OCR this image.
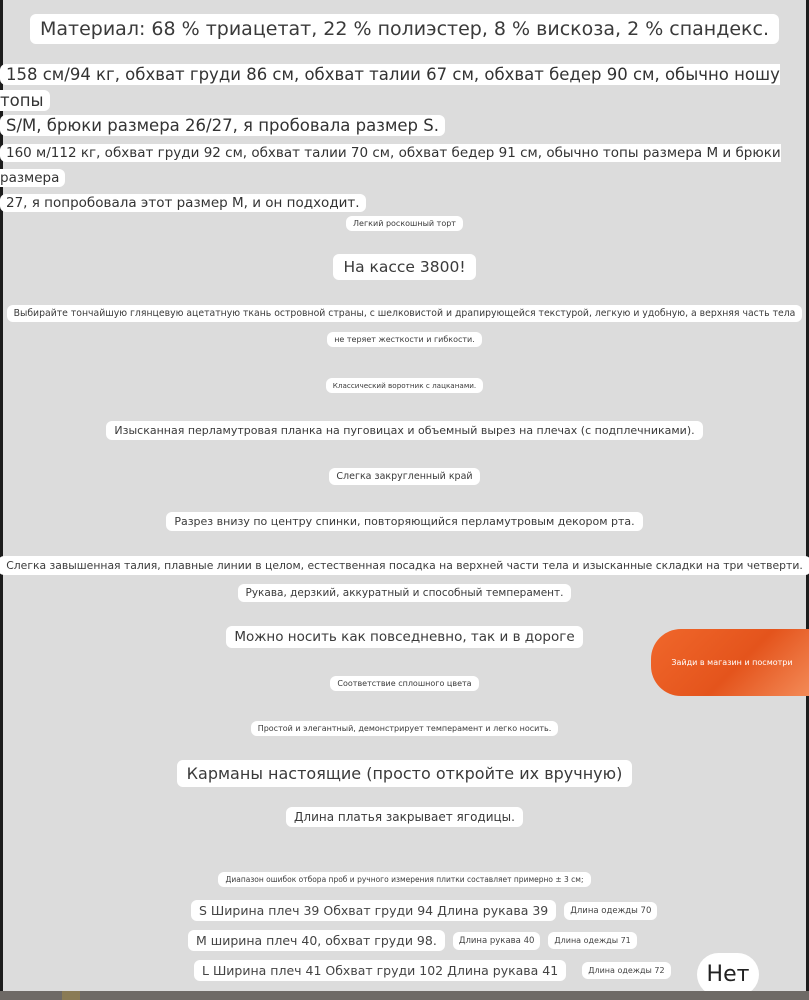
Материал: 68 % триацетат, 22 % полиэстер, 8 % вискоза, 2 % спандекс.
158 см/94 кг, обхват груди 86 см, обхват талии 67 см, обхват бедер 90 см, обычно ношу топы
S/M, брюки размера 26/27, я пробовала размер S.
160 м/112 кг, обхват груди 92 см, обхват талии 70 см, обхват бедер 91 см, обычно топы размера М и брюки размера
27, я попробовала этот размер М, и он подходит.
Легкий роскошный торт
На кассе 3800!
Выбирайте тончайшую глянцевую ацетатную ткань островной страны, с шелковистой и драпирующейся текстурой, легкую и удобную, а верхняя часть тела
не теряет жесткости и гибкости.
Классический воротник с лацканами.
Изысканная перламутровая планка на пуговицах и объемный вырез на плечах (с подплечниками).
Слегка закругленный край
Разрез внизу по центру спинки, повторяющийся перламутровым декором рта.
Слегка завышенная талия, плавные линии в целом, естественная посадка на верхней части тела и изысканные складки на три четверти.
Рукава, дерзкий, аккуратный и способный темперамент.
Можно носить как повседневно, так и в дороге
Соответствие сплошного цвета
Простой и элегантный, демонстрирует темперамент и легко носить.
Карманы настоящие (просто откройте их вручную)
Длина платья закрывает ягодицы.
Диапазон ошибок отбора проб и ручного измерения плитки составляет примерно ± 3 см;
S Ширина плеч 39 Обхват груди 94 Длина рукава 39	Длина одежды 70
М ширина плеч 40, обхват груди 98.	Длина рукава 40	Длина одежды 71
L Ширина плеч 41 Обхват груди 102 Длина рукава 41	Длина одежды 72
Зайди в магазин и посмотри
Нет
